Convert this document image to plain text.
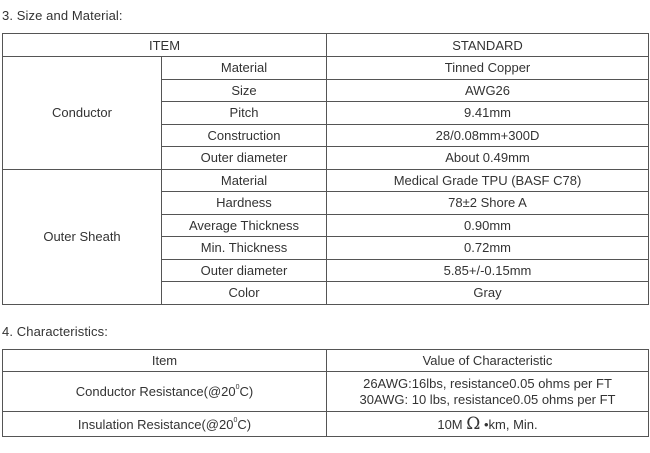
3. Size and Material:
ITEM		STANDARD
Conductor	Material	Tinned Copper
	Size	AWG26
	Pitch	9.41mm
	Construction	28/0.08mm+300D
	Outer diameter	About 0.49mm
Outer Sheath	Material	Medical Grade TPU (BASF C78)
	Hardness	78±2 Shore A
	Average Thickness	0.90mm
	Min. Thickness	0.72mm
	Outer diameter	5.85+/-0.15mm
	Color	Gray
4. Characteristics:
Item	Value of Characteristic
Conductor $Resistance(@20^0C)$	26AWG:16lbs, resistance0.05 ohms per FT
30AWG: 10 lbs, resistance0.05 ohms per FT

Insulation $Resistance(@20^0C)$	10M Ω •km, Min.
